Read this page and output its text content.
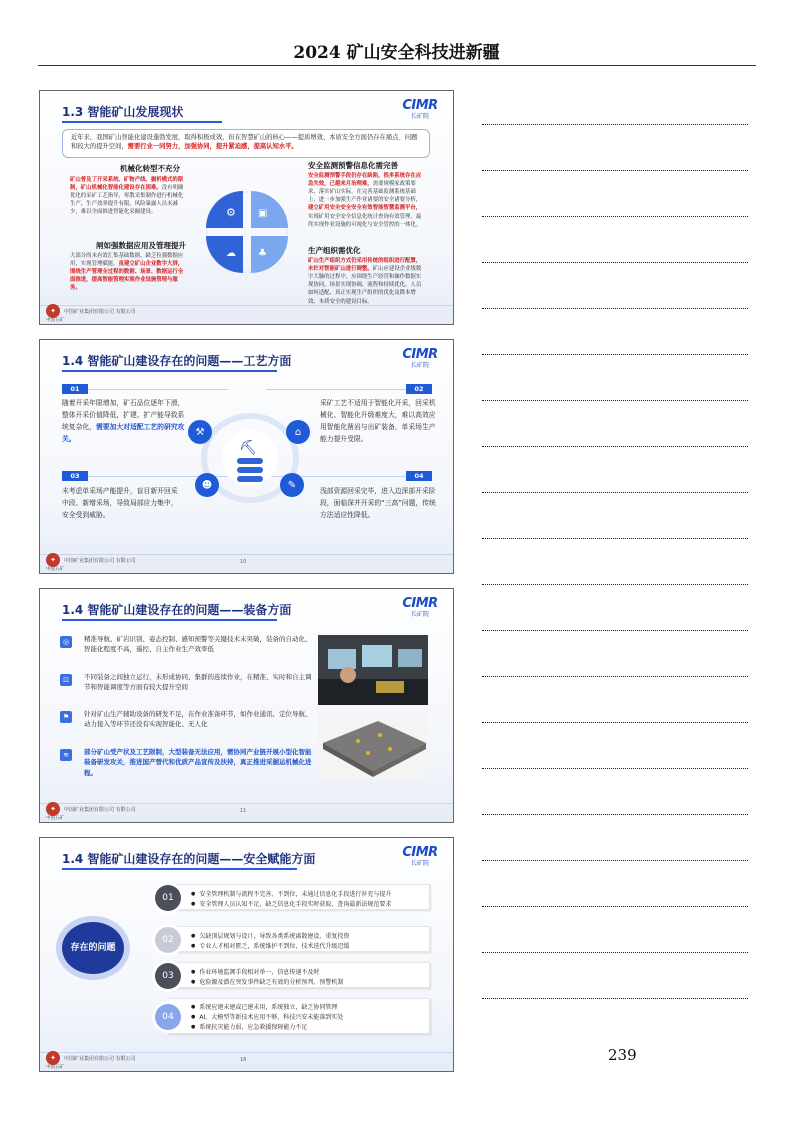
2024 矿山安全科技进新疆
1.3 智能矿山发展现状	CIMR
长矿院
近年来，我国矿山智能化建设蓬勃发展，取得积极成效，但在智慧矿山的核心——提质增效、本质安全方面仍存在痛点、问题和较大的提升空间，需要行业一同努力，加强协同，提升紧迫感，提高认知水平。
机械化转型不充分
矿山普及了开采系统、矿物产线、掘析模式的限制，矿山机械化智能化建设存在困难。没有明确优化的采矿工艺指导，零散采集制作进行机械化生产，生产效率提升有限，风险暴露人员未减少，难以全面推进智能化采掘建设。
安全监测预警信息化需完善
安全监测预警手段仍存在缺陷，很多系统存在应急失效，已越来月治理难，需要规模家政策要求，落实矿山实际，在完善基础监测系统基础上，进一步加强生产作业诸要的安全诸要分析，建立矿用安全安全安全有效智能智慧监测平台，实现矿用安全安全信息化统计查询有效管理，最终实现作业设施的可视化与安全管控的一体化。
闸如强数据应用及管理提升
大部分尚未有效汇集基础数据，缺乏拉强数据应用，实现管理赋能。虽建立矿山企业数字大屏，围绕生产管理全过程的数据、场景、数据运行全面推进，提高智能管理实现作业设施管理与服务。
生产组织需优化
矿山生产组织方式仍采用传统的组织进行配置，未针对智能矿山进行调整。矿山应建设企业级数字大脑的过程中，应围绕生产经营和操作数据实现协同，场景实现协调，流程和持续优化，人员如何适配、真正实现生产组织的优化及降本增效、本质安全的建设目标。
⚙ ▣
☁ ♣
✦	中国矿业集团有限公司 有限公司
中国五矿
1.4 智能矿山建设存在的问题——工艺方面	CIMR
长矿院
01
随着开采年限增加，矿石品位逐年下滑，整体开采价值降低，扩建、扩产能导致系统复杂化，需要加大对适配工艺的研究攻关。
02
采矿工艺不适用于智能化开采，回采机械化、智能化升级难度大，难以高效应用智能化凿岩与出矿装备，单采场生产能力提升受限。
03
未考虑单采场产能提升，盲目新开回采中段、新增采场，导致局部应力集中，安全受到威胁。
04
浅部资源回采完毕，进入边深部开采阶段，面临深井开采的“三高”问题，传统方法适应性降低。
⛏
⚒	⌂
☻	✎
✦	中国矿业集团有限公司 有限公司
中国五矿
10
1.4 智能矿山建设存在的问题——装备方面	CIMR
长矿院
◎	精准导航、矿岩识别、姿态控制、感知预警等关键技术未突破，装备的自动化、智能化程度不高，遥控、自主作业生产效率低
⊡	不同装备之间独立运行，未形成协同、集群的连续作业，在精准、实时和自主调节和智能调度等方面有较大提升空间
⚑	针对矿山生产辅助设备的研发不足，在作业准备环节，如作业通讯、定位导航、动力接入等环节还没有实现智能化、无人化
≋	部分矿山受产状及工艺限制，大型装备无法应用，需协同产业链开展小型化智能装备研发攻关，推进国产替代和优质产品宣传及扶持，真正推进采掘运机械化进程。
✦	中国矿业集团有限公司 有限公司
中国五矿
11
1.4 智能矿山建设存在的问题——安全赋能方面	CIMR
长矿院
存在的问题
01	● 安全管理机制与流程不完善、不到位，未通过信息化手段进行补充与提升
● 安全管理人员认知不足，缺乏信息化手段实时获取、查询最新法规范要求
02	● 欠缺顶层规划与设计，导致各类系统离散建设、重复投资
● 专业人才相对匮乏，系统维护不到位，技术迭代升级迟缓
03	● 作业环境监测手段相对单一，信息传递不及时
● 危险源及潜在突发事件缺乏有效的分析预判、预警机制
04
● 系统应建未建或已建未用，系统独立，缺乏协同管理
● AI、大模型等新技术应用不够，科技兴安未能落到实处
● 系统抗灾能力弱，应急救援保障能力不足
✦	中国矿业集团有限公司 有限公司
中国五矿
18	239
